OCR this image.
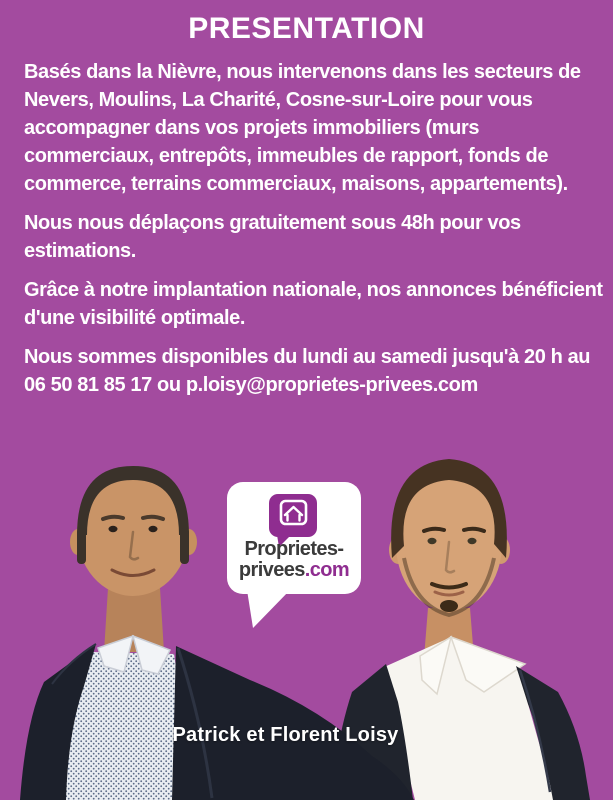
PRESENTATION

Basés dans la Nièvre, nous intervenons dans les secteurs de Nevers, Moulins, La Charité, Cosne-sur-Loire pour vous accompagner dans vos projets immobiliers (murs commerciaux, entrepôts, immeubles de rapport, fonds de commerce, terrains commerciaux, maisons, appartements).

Nous nous déplaçons gratuitement sous 48h pour vos estimations.

Grâce à notre implantation nationale, nos annonces bénéficient d'une visibilité optimale.

Nous sommes disponibles du lundi au samedi jusqu'à 20 h au 06 50 81 85 17 ou p.loisy@proprietes-privees.com

Proprietes-
privees.com
Patrick et Florent Loisy
